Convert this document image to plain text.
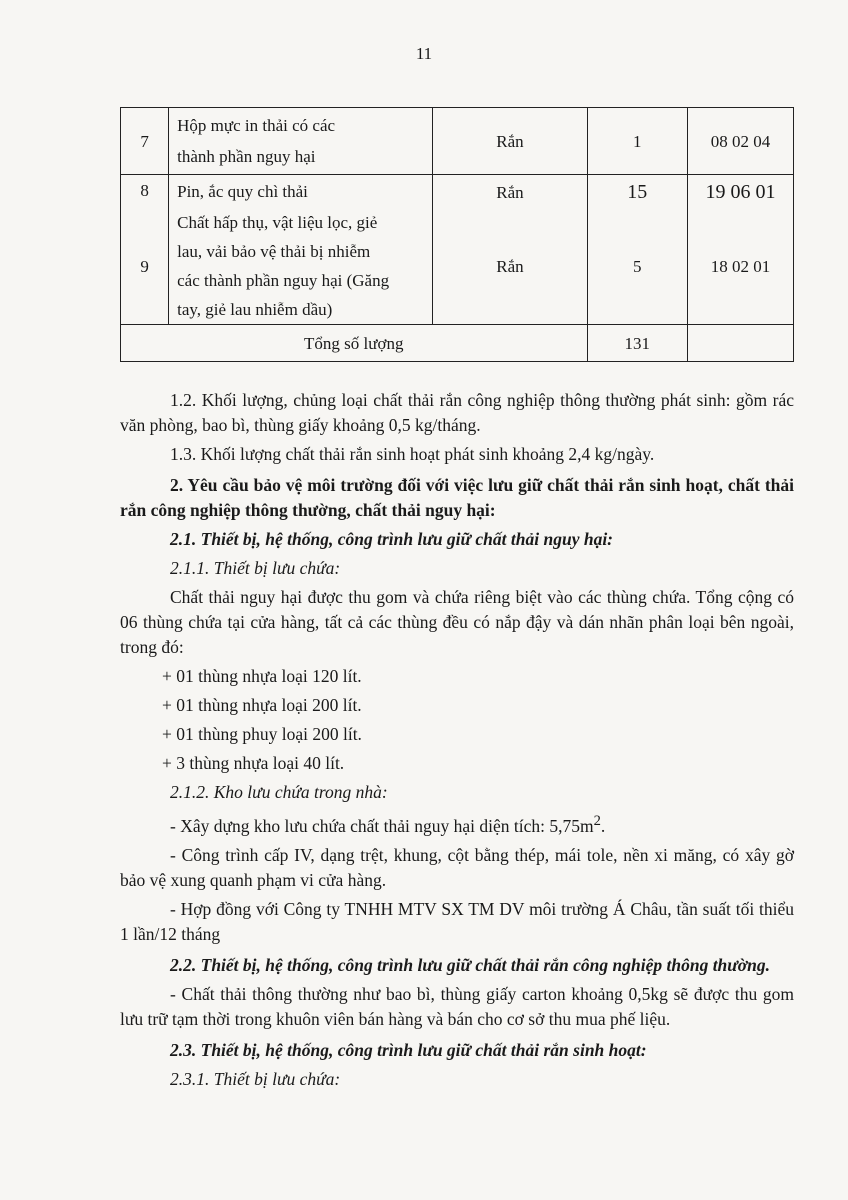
11
7	Hộp mực in thải có các
thành phần nguy hại	Rắn	1	08 02 04
8	Pin, ắc quy chì thải	Rắn	15	19 06 01
9	Chất hấp thụ, vật liệu lọc, giẻ
lau, vải bảo vệ thải bị nhiễm
các thành phần nguy hại (Găng
tay, giẻ lau nhiễm dầu)	Rắn	5	18 02 01
Tổng số lượng			131	

1.2. Khối lượng, chủng loại chất thải rắn công nghiệp thông thường phát sinh: gồm rác văn phòng, bao bì, thùng giấy khoảng 0,5 kg/tháng.

1.3. Khối lượng chất thải rắn sinh hoạt phát sinh khoảng 2,4 kg/ngày.

2. Yêu cầu bảo vệ môi trường đối với việc lưu giữ chất thải rắn sinh hoạt, chất thải rắn công nghiệp thông thường, chất thải nguy hại:

2.1. Thiết bị, hệ thống, công trình lưu giữ chất thải nguy hại:

2.1.1. Thiết bị lưu chứa:

Chất thải nguy hại được thu gom và chứa riêng biệt vào các thùng chứa. Tổng cộng có 06 thùng chứa tại cửa hàng, tất cả các thùng đều có nắp đậy và dán nhãn phân loại bên ngoài, trong đó:

+ 01 thùng nhựa loại 120 lít.

+ 01 thùng nhựa loại 200 lít.

+ 01 thùng phuy loại 200 lít.

+ 3 thùng nhựa loại 40 lít.

2.1.2. Kho lưu chứa trong nhà:

- Xây dựng kho lưu chứa chất thải nguy hại diện tích: $5,75m^2$.

- Công trình cấp IV, dạng trệt, khung, cột bằng thép, mái tole, nền xi măng, có xây gờ bảo vệ xung quanh phạm vi cửa hàng.

- Hợp đồng với Công ty TNHH MTV SX TM DV môi trường Á Châu, tần suất tối thiểu 1 lần/12 tháng

2.2. Thiết bị, hệ thống, công trình lưu giữ chất thải rắn công nghiệp thông thường.

- Chất thải thông thường như bao bì, thùng giấy carton khoảng 0,5kg sẽ được thu gom lưu trữ tạm thời trong khuôn viên bán hàng và bán cho cơ sở thu mua phế liệu.

2.3. Thiết bị, hệ thống, công trình lưu giữ chất thải rắn sinh hoạt:

2.3.1. Thiết bị lưu chứa:
